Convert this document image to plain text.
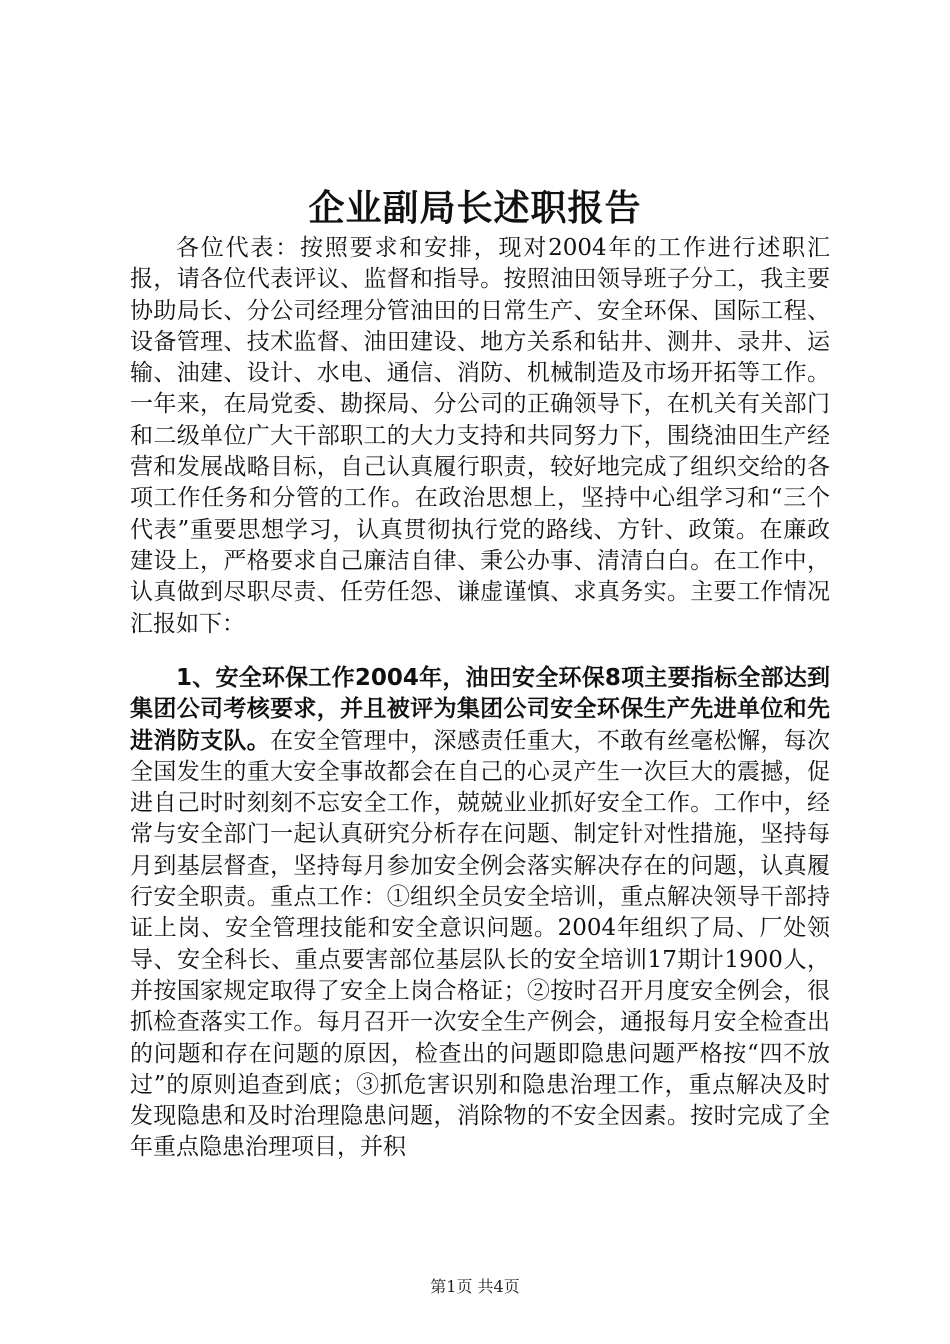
企业副局长述职报告

各位代表：按照要求和安排，现对2004年的工作进行述职汇报，请各位代表评议、监督和指导。按照油田领导班子分工，我主要协助局长、分公司经理分管油田的日常生产、安全环保、国际工程、设备管理、技术监督、油田建设、地方关系和钻井、测井、录井、运输、油建、设计、水电、通信、消防、机械制造及市场开拓等工作。一年来，在局党委、勘探局、分公司的正确领导下，在机关有关部门和二级单位广大干部职工的大力支持和共同努力下，围绕油田生产经营和发展战略目标，自己认真履行职责，较好地完成了组织交给的各项工作任务和分管的工作。在政治思想上，坚持中心组学习和“三个代表”重要思想学习，认真贯彻执行党的路线、方针、政策。在廉政建设上，严格要求自己廉洁自律、秉公办事、清清白白。在工作中，认真做到尽职尽责、任劳任怨、谦虚谨慎、求真务实。主要工作情况汇报如下：

1、安全环保工作2004年，油田安全环保8项主要指标全部达到集团公司考核要求，并且被评为集团公司安全环保生产先进单位和先进消防支队。在安全管理中，深感责任重大，不敢有丝毫松懈，每次全国发生的重大安全事故都会在自己的心灵产生一次巨大的震撼，促进自己时时刻刻不忘安全工作，兢兢业业抓好安全工作。工作中，经常与安全部门一起认真研究分析存在问题、制定针对性措施，坚持每月到基层督查，坚持每月参加安全例会落实解决存在的问题，认真履行安全职责。重点工作：①组织全员安全培训，重点解决领导干部持证上岗、安全管理技能和安全意识问题。2004年组织了局、厂处领导、安全科长、重点要害部位基层队长的安全培训17期计1900人，并按国家规定取得了安全上岗合格证；②按时召开月度安全例会，很抓检查落实工作。每月召开一次安全生产例会，通报每月安全检查出的问题和存在问题的原因，检查出的问题即隐患问题严格按“四不放过”的原则追查到底；③抓危害识别和隐患治理工作，重点解决及时发现隐患和及时治理隐患问题，消除物的不安全因素。按时完成了全年重点隐患治理项目，并积

第1页 共4页
